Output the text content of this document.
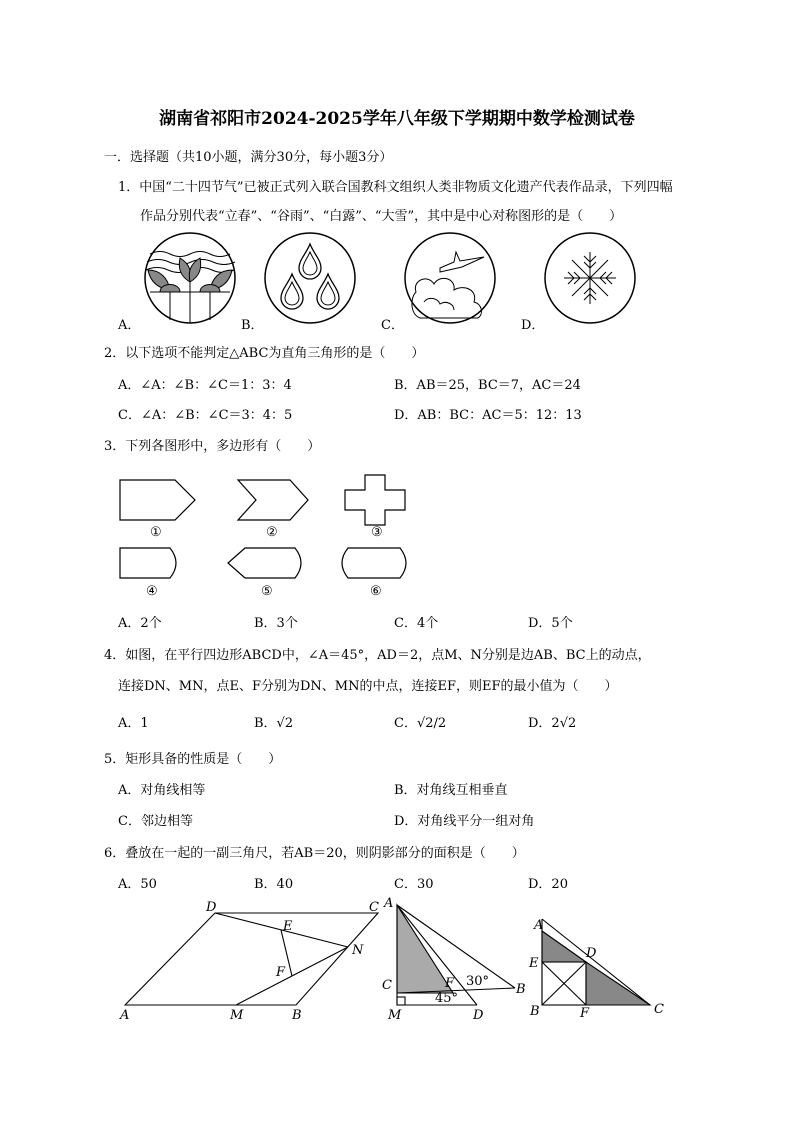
湖南省祁阳市2024-2025学年八年级下学期期中数学检测试卷
一．选择题（共10小题，满分30分，每小题3分）
1．中国“二十四节气”已被正式列入联合国教科文组织人类非物质文化遗产代表作品录，下列四幅
作品分别代表“立春”、“谷雨”、“白露”、“大雪”，其中是中心对称图形的是（　　）
A．	B．	C．	D．
2．以下选项不能判定△ABC为直角三角形的是（　　）
A．∠A：∠B：∠C＝1：3：4	B．AB＝25，BC＝7，AC＝24
C．∠A：∠B：∠C＝3：4：5	D．AB：BC：AC＝5：12：13
3．下列各图形中，多边形有（　　）
①	②	③
④	⑤	⑥
A．2个	B．3个	C．4个	D．5个
4．如图，在平行四边形ABCD中，∠A＝45°，AD＝2，点M、N分别是边AB、BC上的动点，
连接DN、MN，点E、F分别为DN、MN的中点，连接EF，则EF的最小值为（　　）
A．1	B．√2	C．√2/2	D．2√2
5．矩形具备的性质是（　　）
A．对角线相等	B．对角线互相垂直
C．邻边相等	D．对角线平分一组对角
6．叠放在一起的一副三角尺，若AB＝20，则阴影部分的面积是（　　）
A．50	B．40	C．30	D．20
D	C
E
N
F
A	M	B
A
C	F 30°
B
45°
M	D
A
D
E
B	F	C
